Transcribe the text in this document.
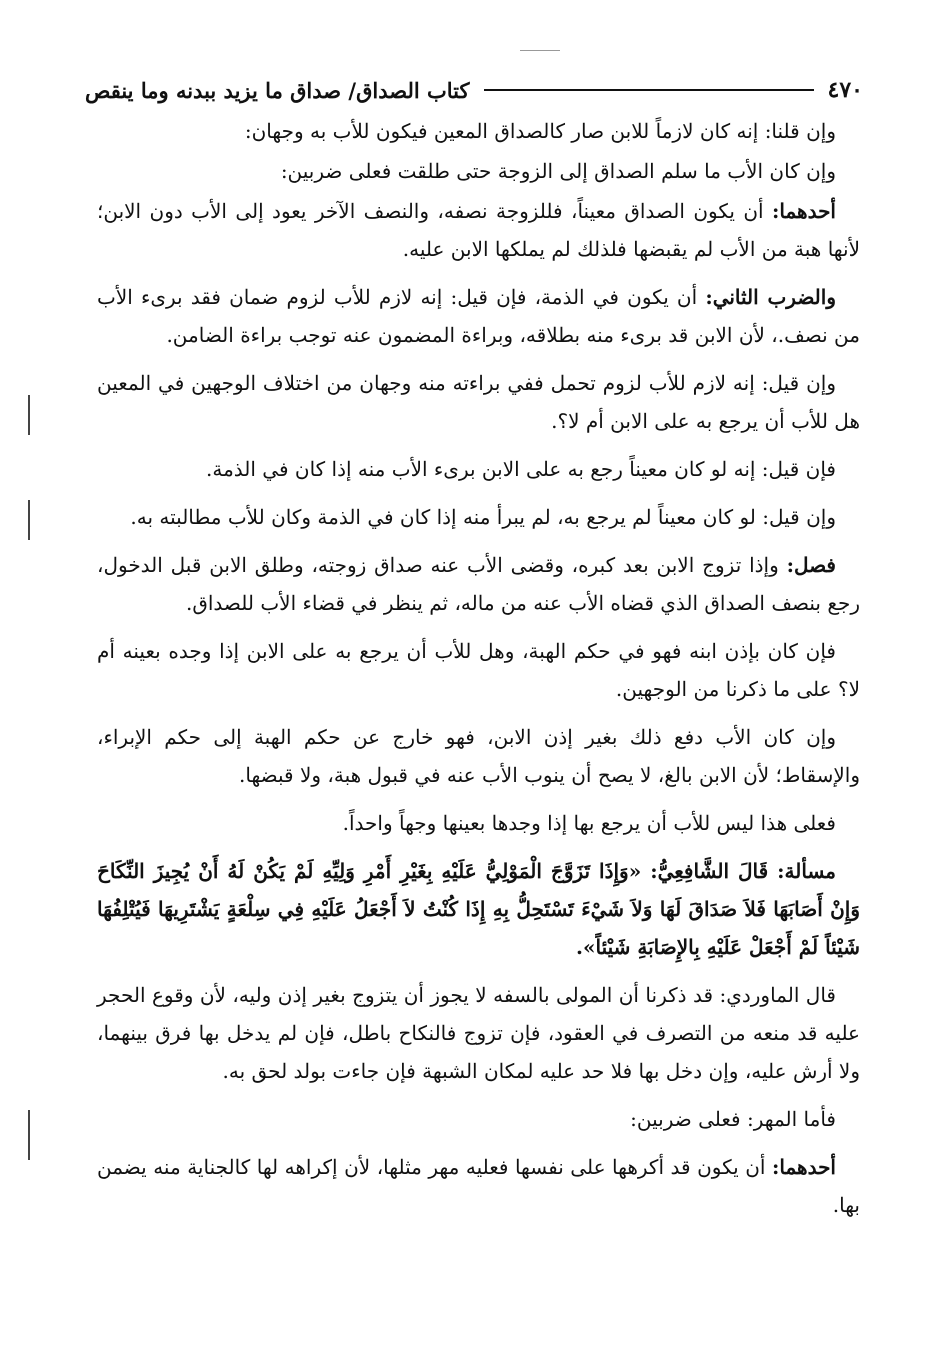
٤٧٠
كتاب الصداق/ صداق ما يزيد ببدنه وما ينقص

وإن قلنا: إنه كان لازماً للابن صار كالصداق المعين فيكون للأب به وجهان:

وإن كان الأب ما سلم الصداق إلى الزوجة حتى طلقت فعلى ضربين:

أحدهما: أن يكون الصداق معيناً، فللزوجة نصفه، والنصف الآخر يعود إلى الأب دون الابن؛ لأنها هبة من الأب لم يقبضها فلذلك لم يملكها الابن عليه.

والضرب الثاني: أن يكون في الذمة، فإن قيل: إنه لازم للأب لزوم ضمان فقد برىء الأب من نصف.، لأن الابن قد برىء منه بطلاقه، وبراءة المضمون عنه توجب براءة الضامن.

وإن قيل: إنه لازم للأب لزوم تحمل ففي براءته منه وجهان من اختلاف الوجهين في المعين هل للأب أن يرجع به على الابن أم لا؟.

فإن قيل: إنه لو كان معيناً رجع به على الابن برىء الأب منه إذا كان في الذمة.

وإن قيل: لو كان معيناً لم يرجع به، لم يبرأ منه إذا كان في الذمة وكان للأب مطالبته به.

فصل: وإذا تزوج الابن بعد كبره، وقضى الأب عنه صداق زوجته، وطلق الابن قبل الدخول، رجع بنصف الصداق الذي قضاه الأب عنه من ماله، ثم ينظر في قضاء الأب للصداق.

فإن كان بإذن ابنه فهو في حكم الهبة، وهل للأب أن يرجع به على الابن إذا وجده بعينه أم لا؟ على ما ذكرنا من الوجهين.

وإن كان الأب دفع ذلك بغير إذن الابن، فهو خارج عن حكم الهبة إلى حكم الإبراء، والإسقاط؛ لأن الابن بالغ، لا يصح أن ينوب الأب عنه في قبول هبة، ولا قبضها.

فعلى هذا ليس للأب أن يرجع بها إذا وجدها بعينها وجهاً واحداً.

مسألة: قَالَ الشَّافِعِيُّ: «وَإِذَا تَزَوَّجَ الْمَوْلِيُّ عَلَيْهِ بِغَيْرِ أَمْرِ وَلِيِّهِ لَمْ يَكُنْ لَهُ أَنْ يُجِيزَ النِّكَاحَ وَإِنْ أَصَابَهَا فَلاَ صَدَاقَ لَهَا وَلاَ شَيْءَ تَسْتَحِلُّ بِهِ إِذَا كُنْتُ لاَ أَجْعَلُ عَلَيْهِ فِي سِلْعَةٍ يَشْتَرِيهَا فَيُتْلِفُهَا شَيْئاً لَمْ أَجْعَلْ عَلَيْهِ بِالإِصَابَةِ شَيْئاً».

قال الماوردي: قد ذكرنا أن المولى بالسفه لا يجوز أن يتزوج بغير إذن وليه، لأن وقوع الحجر عليه قد منعه من التصرف في العقود، فإن تزوج فالنكاح باطل، فإن لم يدخل بها فرق بينهما، ولا أرش عليه، وإن دخل بها فلا حد عليه لمكان الشبهة فإن جاءت بولد لحق به.

فأما المهر: فعلى ضربين:

أحدهما: أن يكون قد أكرهها على نفسها فعليه مهر مثلها، لأن إكراهه لها كالجناية منه يضمن بها.
